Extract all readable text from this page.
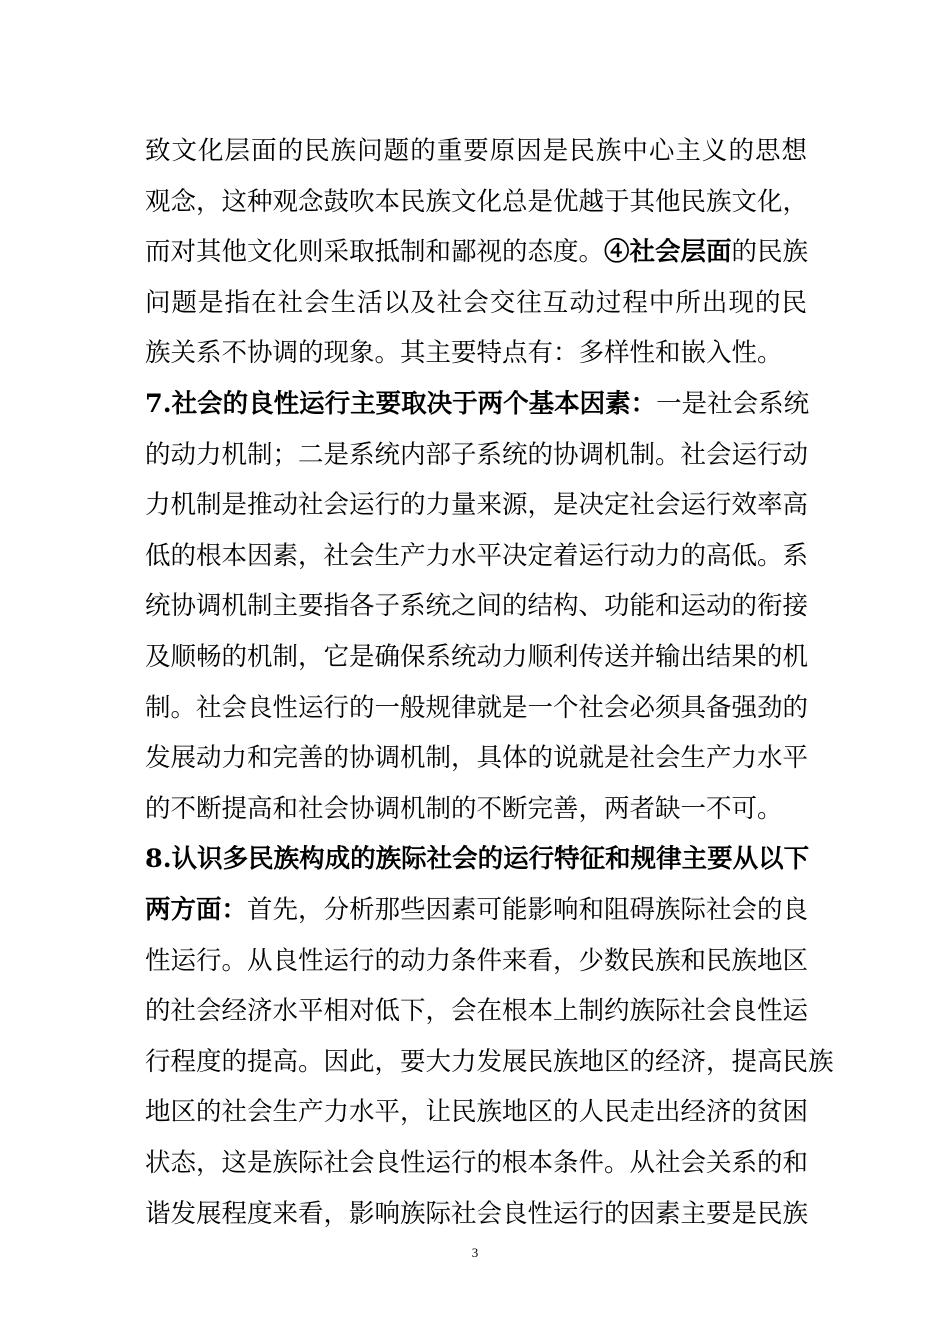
致文化层面的民族问题的重要原因是民族中心主义的思想
观念，这种观念鼓吹本民族文化总是优越于其他民族文化，
而对其他文化则采取抵制和鄙视的态度。④社会层面的民族
问题是指在社会生活以及社会交往互动过程中所出现的民
族关系不协调的现象。其主要特点有：多样性和嵌入性。
7.社会的良性运行主要取决于两个基本因素：一是社会系统
的动力机制；二是系统内部子系统的协调机制。社会运行动
力机制是推动社会运行的力量来源，是决定社会运行效率高
低的根本因素，社会生产力水平决定着运行动力的高低。系
统协调机制主要指各子系统之间的结构、功能和运动的衔接
及顺畅的机制，它是确保系统动力顺利传送并输出结果的机
制。社会良性运行的一般规律就是一个社会必须具备强劲的
发展动力和完善的协调机制，具体的说就是社会生产力水平
的不断提高和社会协调机制的不断完善，两者缺一不可。
8.认识多民族构成的族际社会的运行特征和规律主要从以下
两方面：首先，分析那些因素可能影响和阻碍族际社会的良
性运行。从良性运行的动力条件来看，少数民族和民族地区
的社会经济水平相对低下，会在根本上制约族际社会良性运
行程度的提高。因此，要大力发展民族地区的经济，提高民族
地区的社会生产力水平，让民族地区的人民走出经济的贫困
状态，这是族际社会良性运行的根本条件。从社会关系的和
谐发展程度来看，影响族际社会良性运行的因素主要是民族
3
